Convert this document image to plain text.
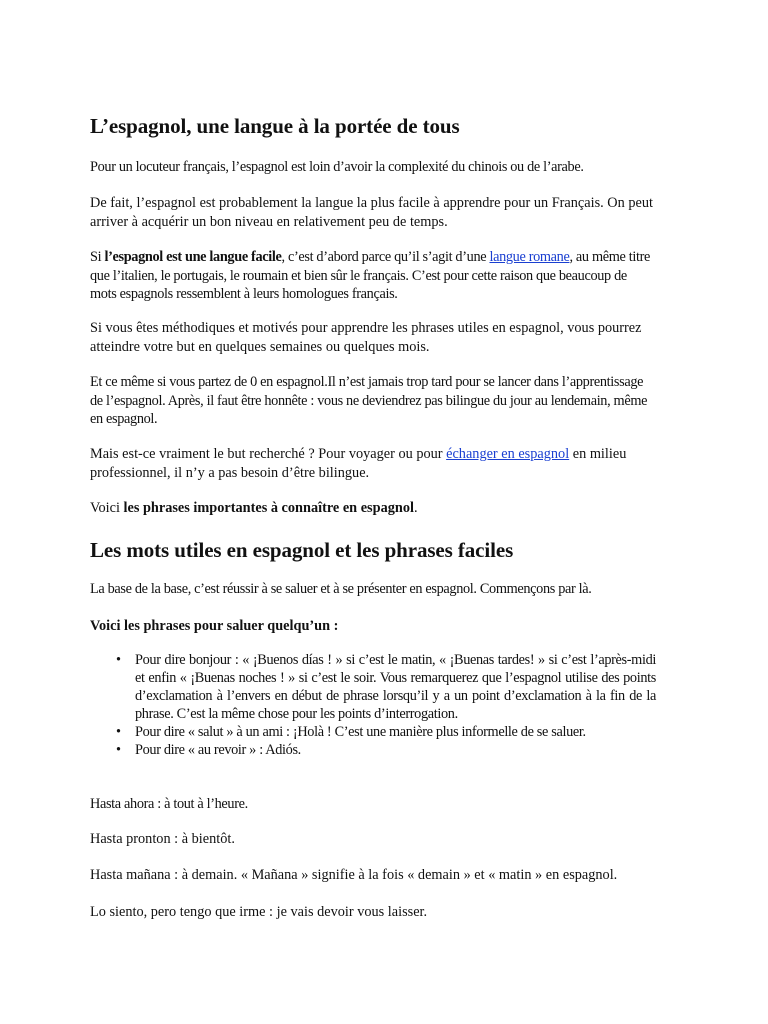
L’espagnol, une langue à la portée de tous

Pour un locuteur français, l’espagnol est loin d’avoir la complexité du chinois ou de l’arabe.

De fait, l’espagnol est probablement la langue la plus facile à apprendre pour un Français. On peut arriver à acquérir un bon niveau en relativement peu de temps.

Si l’espagnol est une langue facile, c’est d’abord parce qu’il s’agit d’une langue romane, au même titre que l’italien, le portugais, le roumain et bien sûr le français. C’est pour cette raison que beaucoup de mots espagnols ressemblent à leurs homologues français.

Si vous êtes méthodiques et motivés pour apprendre les phrases utiles en espagnol, vous pourrez atteindre votre but en quelques semaines ou quelques mois.

Et ce même si vous partez de 0 en espagnol.Il n’est jamais trop tard pour se lancer dans l’apprentissage de l’espagnol. Après, il faut être honnête : vous ne deviendrez pas bilingue du jour au lendemain, même en espagnol.

Mais est-ce vraiment le but recherché ? Pour voyager ou pour échanger en espagnol en milieu professionnel, il n’y a pas besoin d’être bilingue.

Voici les phrases importantes à connaître en espagnol.

Les mots utiles en espagnol et les phrases faciles

La base de la base, c’est réussir à se saluer et à se présenter en espagnol. Commençons par là.

Voici les phrases pour saluer quelqu’un :

• Pour dire bonjour : « ¡Buenos días ! » si c’est le matin, « ¡Buenas tardes! » si c’est l’après-midi et enfin « ¡Buenas noches ! » si c’est le soir. Vous remarquerez que l’espagnol utilise des points d’exclamation à l’envers en début de phrase lorsqu’il y a un point d’exclamation à la fin de la phrase. C’est la même chose pour les points d’interrogation.
• Pour dire « salut » à un ami : ¡Holà ! C’est une manière plus informelle de se saluer.
• Pour dire « au revoir » : Adiós.

Hasta ahora : à tout à l’heure.

Hasta pronton : à bientôt.

Hasta mañana : à demain. « Mañana » signifie à la fois « demain » et « matin » en espagnol.

Lo siento, pero tengo que irme : je vais devoir vous laisser.
